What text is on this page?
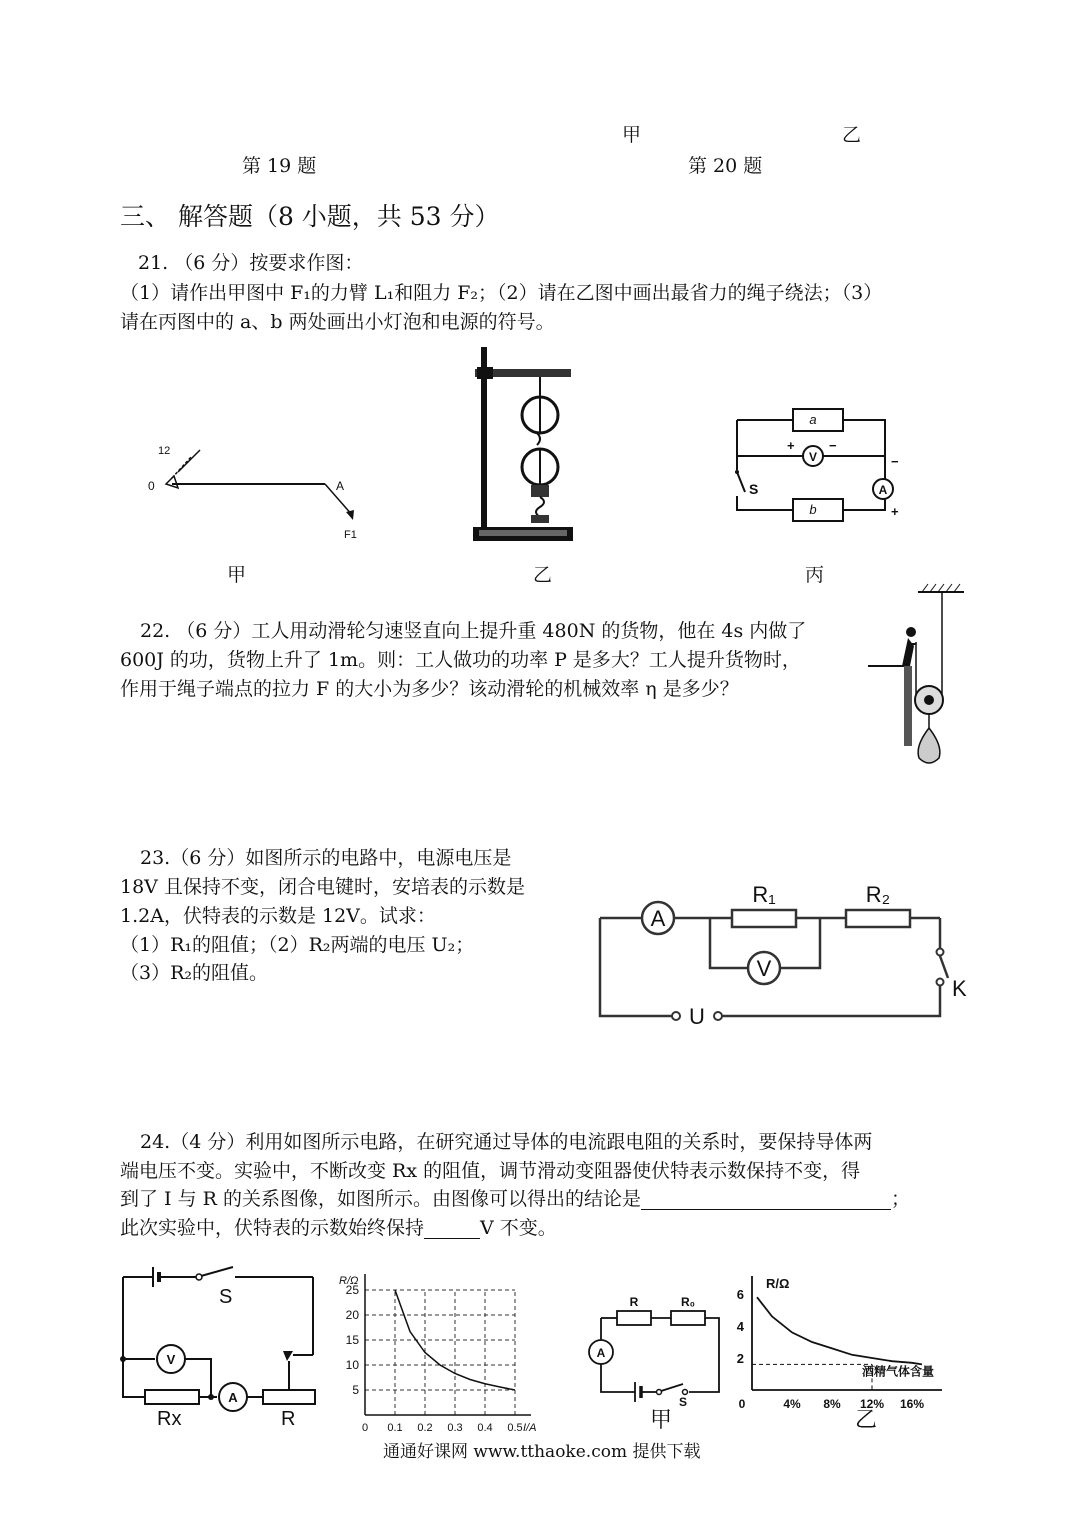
甲	乙
第 19 题	第 20 题
三、 解答题（8 小题，共 53 分）
21. （6 分）按要求作图：
（1）请作出甲图中 F₁的力臂 L₁和阻力 F₂；（2）请在乙图中画出最省力的绳子绕法；（3）
请在丙图中的 a、b 两处画出小灯泡和电源的符号。
12
0	A
F1
甲	乙
a
b
V
A
S
+	−
−
+
丙
22. （6 分）工人用动滑轮匀速竖直向上提升重 480N 的货物，他在 4s 内做了
600J 的功，货物上升了 1m。则：工人做功的功率 P 是多大？工人提升货物时，
作用于绳子端点的拉力 F 的大小为多少？该动滑轮的机械效率 η 是多少？
23.（6 分）如图所示的电路中，电源电压是
18V 且保持不变，闭合电键时，安培表的示数是
1.2A，伏特表的示数是 12V。试求：
（1）R₁的阻值；（2）R₂两端的电压 U₂；
（3）R₂的阻值。
A
V
R₁	R₂
K
U
24.（4 分）利用如图所示电路，在研究通过导体的电流跟电阻的关系时，要保持导体两
端电压不变。实验中，不断改变 Rx 的阻值，调节滑动变阻器使伏特表示数保持不变，得
到了 I 与 R 的关系图像，如图所示。由图像可以得出的结论是	；
此次实验中，伏特表的示数始终保持	V 不变。
S
V
A
Rx	R
25
20
15
10
5
0 0.1 0.2 0.3 0.4 0.5
R/Ω
I/A
A
R	R₀
S
甲
R/Ω
6
4
2
0	4% 8% 12% 16%
酒精气体含量
乙
通通好课网 www.tthaoke.com 提供下载
